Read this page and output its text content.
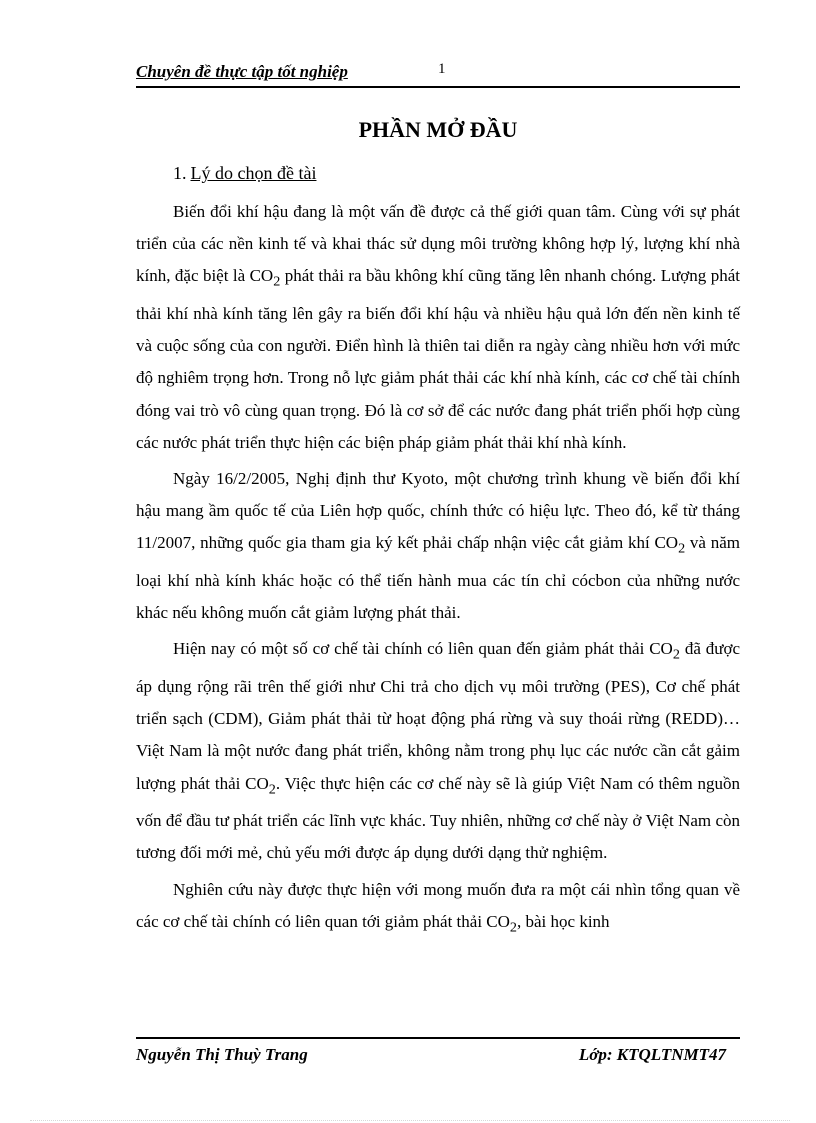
Chuyên đề thực tập tốt nghiệp	1
PHẦN MỞ ĐẦU
1. Lý do chọn đề tài

Biến đổi khí hậu đang là một vấn đề được cả thế giới quan tâm. Cùng với sự phát triển của các nền kinh tế và khai thác sử dụng môi trường không hợp lý, lượng khí nhà kính, đặc biệt là $CO_2$ phát thải ra bầu không khí cũng tăng lên nhanh chóng. Lượng phát thải khí nhà kính tăng lên gây ra biến đổi khí hậu và nhiều hậu quả lớn đến nền kinh tế và cuộc sống của con người. Điển hình là thiên tai diễn ra ngày càng nhiều hơn với mức độ nghiêm trọng hơn. Trong nỗ lực giảm phát thải các khí nhà kính, các cơ chế tài chính đóng vai trò vô cùng quan trọng. Đó là cơ sở để các nước đang phát triển phối hợp cùng các nước phát triển thực hiện các biện pháp giảm phát thải khí nhà kính.

Ngày 16/2/2005, Nghị định thư Kyoto, một chương trình khung về biến đổi khí hậu mang ầm quốc tế của Liên hợp quốc, chính thức có hiệu lực. Theo đó, kể từ tháng 11/2007, những quốc gia tham gia ký kết phải chấp nhận việc cắt giảm khí $CO_2$ và năm loại khí nhà kính khác hoặc có thể tiến hành mua các tín chỉ cócbon của những nước khác nếu không muốn cắt giảm lượng phát thải.

Hiện nay có một số cơ chế tài chính có liên quan đến giảm phát thải $CO_2$ đã được áp dụng rộng rãi trên thế giới như Chi trả cho dịch vụ môi trường (PES), Cơ chế phát triển sạch (CDM), Giảm phát thải từ hoạt động phá rừng và suy thoái rừng (REDD)… Việt Nam là một nước đang phát triển, không nằm trong phụ lục các nước cần cắt gảim lượng phát thải $CO_2$. Việc thực hiện các cơ chế này sẽ là giúp Việt Nam có thêm nguồn vốn để đầu tư phát triển các lĩnh vực khác. Tuy nhiên, những cơ chế này ở Việt Nam còn tương đối mới mẻ, chủ yếu mới được áp dụng dưới dạng thử nghiệm.

Nghiên cứu này được thực hiện với mong muốn đưa ra một cái nhìn tổng quan về các cơ chế tài chính có liên quan tới giảm phát thải $CO_2$, bài học kinh

Nguyễn Thị Thuỳ Trang	Lớp: KTQLTNMT47
